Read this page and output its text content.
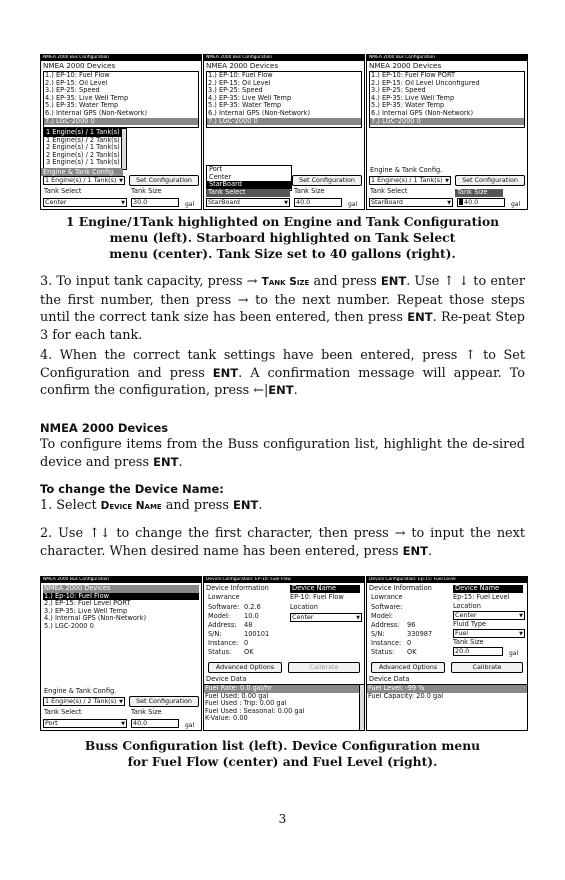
NMEA 2000 Bus Configuration
NMEA 2000 Devices
1.) EP-10: Fuel Flow
2.) EP-15: Oil Level
3.) EP-25: Speed
4.) EP-35: Live Well Temp
5.) EP-35: Water Temp
6.) Internal GPS (Non-Network)
7.) LGC-2000 0
1 Engine(s) / 1 Tank(s)
1 Engine(s) / 2 Tank(s)
2 Engine(s) / 1 Tank(s)
2 Engine(s) / 2 Tank(s)
3 Engine(s) / 1 Tank(s)
Engine & Tank Config.
1 Engine(s) / 1 Tank(s) ▼	Set Configuration
Tank Select	Tank Size
Center	▼	30.0	gal
NMEA 2000 Bus Configuration
NMEA 2000 Devices
1.) EP-10: Fuel Flow
2.) EP-15: Oil Level
3.) EP-25: Speed
4.) EP-35: Live Well Temp
5.) EP-35: Water Temp
6.) Internal GPS (Non-Network)
7.) LGC-2000 0
Port
Center
StarBoard
Set Configuration
Tank Select	Tank Size
StarBoard	▼	40.0	gal
NMEA 2000 Bus Configuration
NMEA 2000 Devices
1.) EP-10: Fuel Flow PORT
2.) EP-15: Oil Level Unconfigured
3.) EP-25: Speed
4.) EP-35: Live Well Temp
5.) EP-35: Water Temp
6.) Internal GPS (Non-Network)
7.) LGC-2000 0
Engine & Tank Config.
1 Engine(s) / 1 Tank(s) ▼	Set Configuration
Tank Select	Tank Size
StarBoard	▼	40.0	gal
1 Engine/1Tank highlighted on Engine and Tank Configuration
menu (left). Starboard highlighted on Tank Select
menu (center). Tank Size set to 40 gallons (right).
3. To input tank capacity, press → Tank Size and press ENT. Use ↑ ↓ to enter the first number, then press → to the next number. Repeat those steps until the correct tank size has been entered, then press ENT. Re-peat Step 3 for each tank.
4. When the correct tank settings have been entered, press ↑ to Set Configuration and press ENT. A confirmation message will appear. To confirm the configuration, press ←|ENT.
NMEA 2000 Devices
To configure items from the Buss configuration list, highlight the de-sired device and press ENT.
To change the Device Name:
1. Select Device Name and press ENT.
2. Use ↑↓ to change the first character, then press → to input the next character. When desired name has been entered, press ENT.
NMEA 2000 Bus Configuration
NMEA 2000 Devices
1.) Ep-10: Fuel Flow
2.) EP-15: Fuel Level PORT
3.) EP-35: Live Well Temp
4.) Internal GPS (Non-Network)
5.) LGC-2000 0
Engine & Tank Config.
1 Engine(s) / 2 Tank(s) ▼	Set Configuration
Tank Select	Tank Size
Port	▼	40.0	gal
Device Configuration: EP-10: Fuel Flow
Device Information
Lowrance
Software: 0.2.6
Model: 10.0
Address: 48
S/N:	100101
Instance: 0
Status: OK
Device Name
EP-10: Fuel Flow
Location
Center	▼
Advanced Options	Calibrate
Device Data
Fuel Rate: 0.0 gal/hr
Fuel Used: 0.00 gal
Fuel Used : Trip: 0.00 gal
Fuel Used : Seasonal: 0.00 gal
K-Value: 0.00
Device Configuration: Ep-15: Fuel Level
Device Information
Lowrance
Software:
Model:
Address: 96
S/N:	330987
Instance: 0
Status: OK
Device Name
Ep-15: Fuel Level
Location
Center	▼
Fluid Type
Fuel	▼
Tank Size
20.0	gal
Advanced Options	Calibrate
Device Data
Fuel Level: -99 %
Fuel Capacity: 20.0 gal
Buss Configuration list (left). Device Configuration menu
for Fuel Flow (center) and Fuel Level (right).
3
